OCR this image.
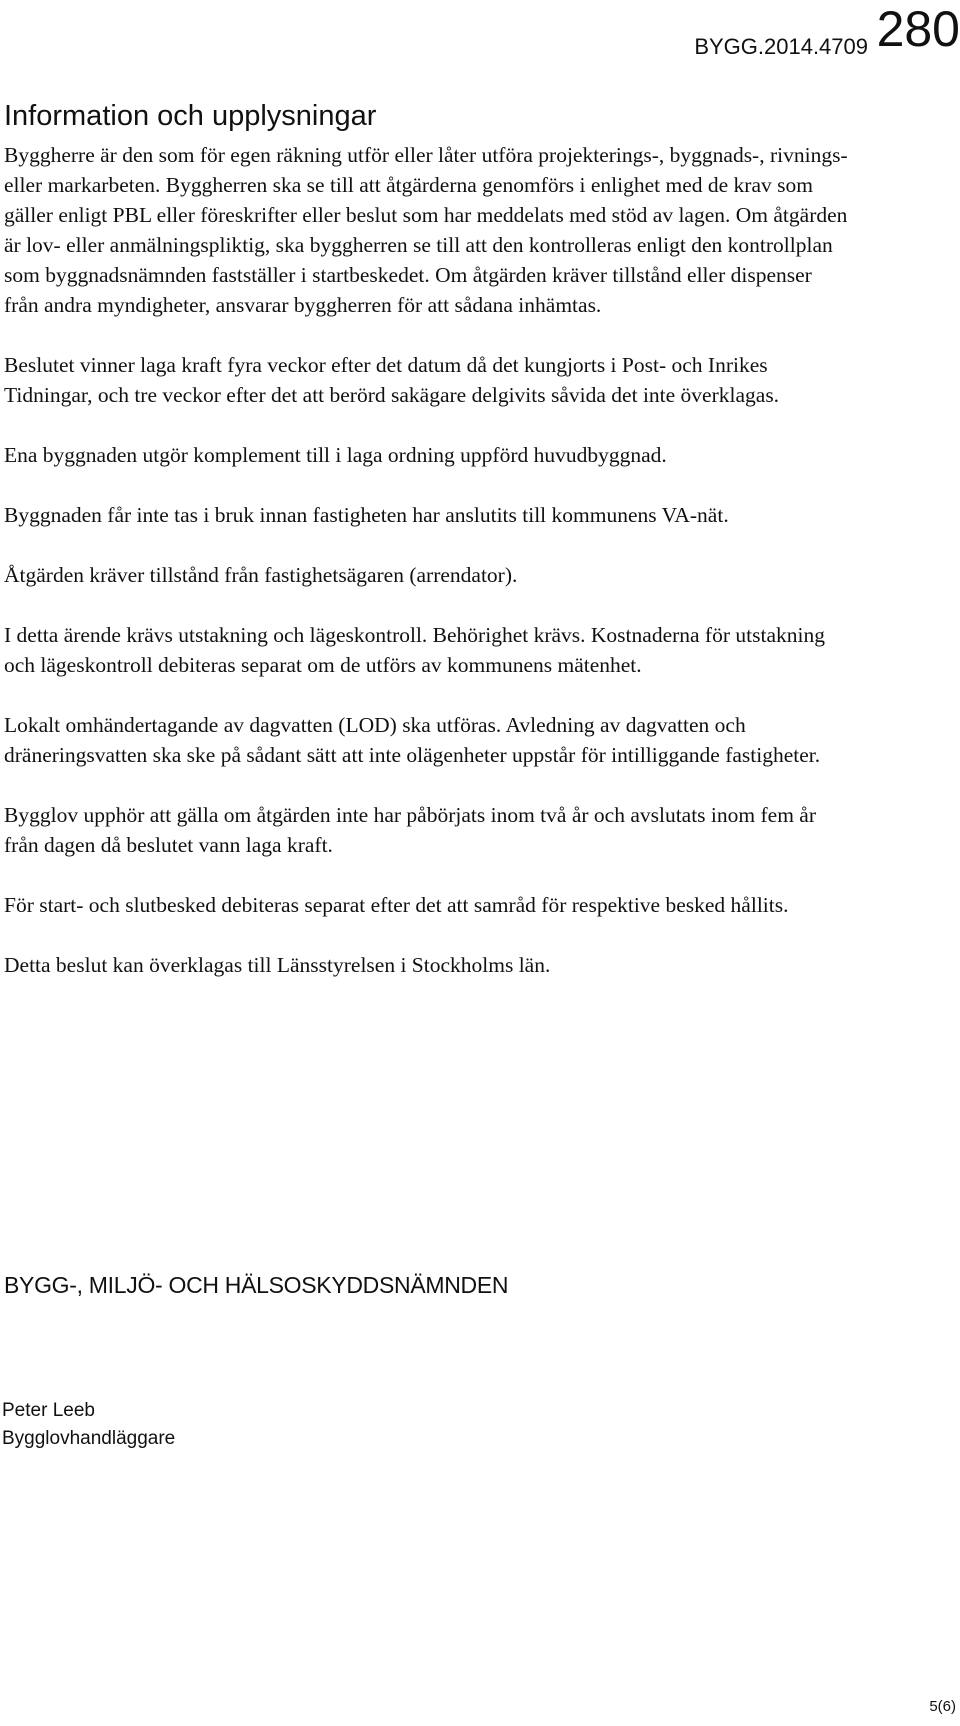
BYGG.2014.4709 280
Information och upplysningar

Byggherre är den som för egen räkning utför eller låter utföra projekterings-, byggnads-, rivnings- eller markarbeten. Byggherren ska se till att åtgärderna genomförs i enlighet med de krav som gäller enligt PBL eller föreskrifter eller beslut som har meddelats med stöd av lagen. Om åtgärden är lov- eller anmälningspliktig, ska byggherren se till att den kontrolleras enligt den kontrollplan som byggnadsnämnden fastställer i startbeskedet. Om åtgärden kräver tillstånd eller dispenser från andra myndigheter, ansvarar byggherren för att sådana inhämtas.

Beslutet vinner laga kraft fyra veckor efter det datum då det kungjorts i Post- och Inrikes Tidningar, och tre veckor efter det att berörd sakägare delgivits såvida det inte överklagas.

Ena byggnaden utgör komplement till i laga ordning uppförd huvudbyggnad.

Byggnaden får inte tas i bruk innan fastigheten har anslutits till kommunens VA-nät.

Åtgärden kräver tillstånd från fastighetsägaren (arrendator).

I detta ärende krävs utstakning och lägeskontroll. Behörighet krävs. Kostnaderna för utstakning och lägeskontroll debiteras separat om de utförs av kommunens mätenhet.

Lokalt omhändertagande av dagvatten (LOD) ska utföras. Avledning av dagvatten och dräneringsvatten ska ske på sådant sätt att inte olägenheter uppstår för intilliggande fastigheter.

Bygglov upphör att gälla om åtgärden inte har påbörjats inom två år och avslutats inom fem år från dagen då beslutet vann laga kraft.

För start- och slutbesked debiteras separat efter det att samråd för respektive besked hållits.

Detta beslut kan överklagas till Länsstyrelsen i Stockholms län.

BYGG-, MILJÖ- OCH HÄLSOSKYDDSNÄMNDEN
Peter Leeb
Bygglovhandläggare
5(6)
